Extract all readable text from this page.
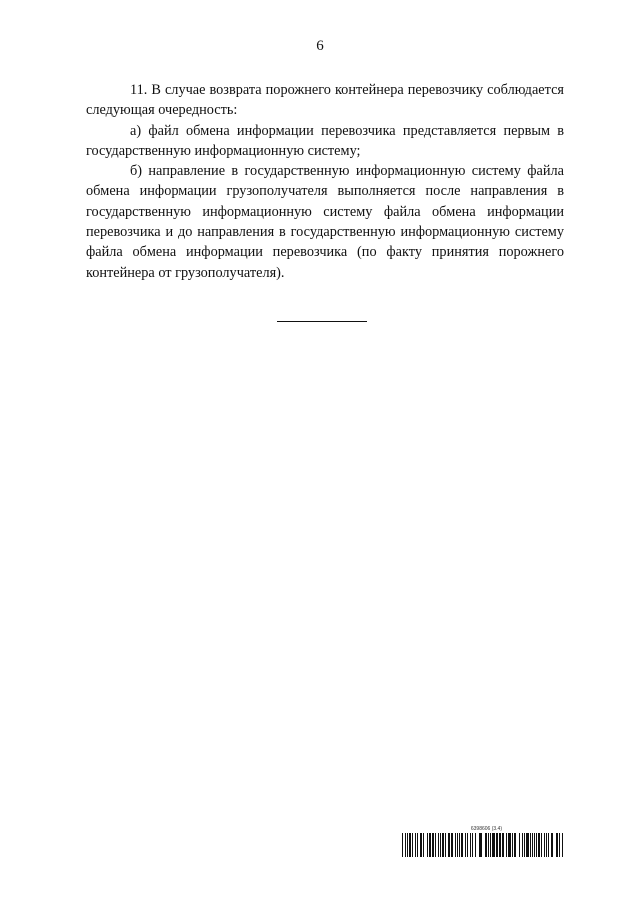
6

11. В случае возврата порожнего контейнера перевозчику соблюдается следующая очередность:

а) файл обмена информации перевозчика представляется первым в государственную информационную систему;

б) направление в государственную информационную систему файла обмена информации грузополучателя выполняется после направления в государственную информационную систему файла обмена информации перевозчика и до направления в государственную информационную систему файла обмена информации перевозчика (по факту принятия порожнего контейнера от грузополучателя).

6398606 (3.4)
